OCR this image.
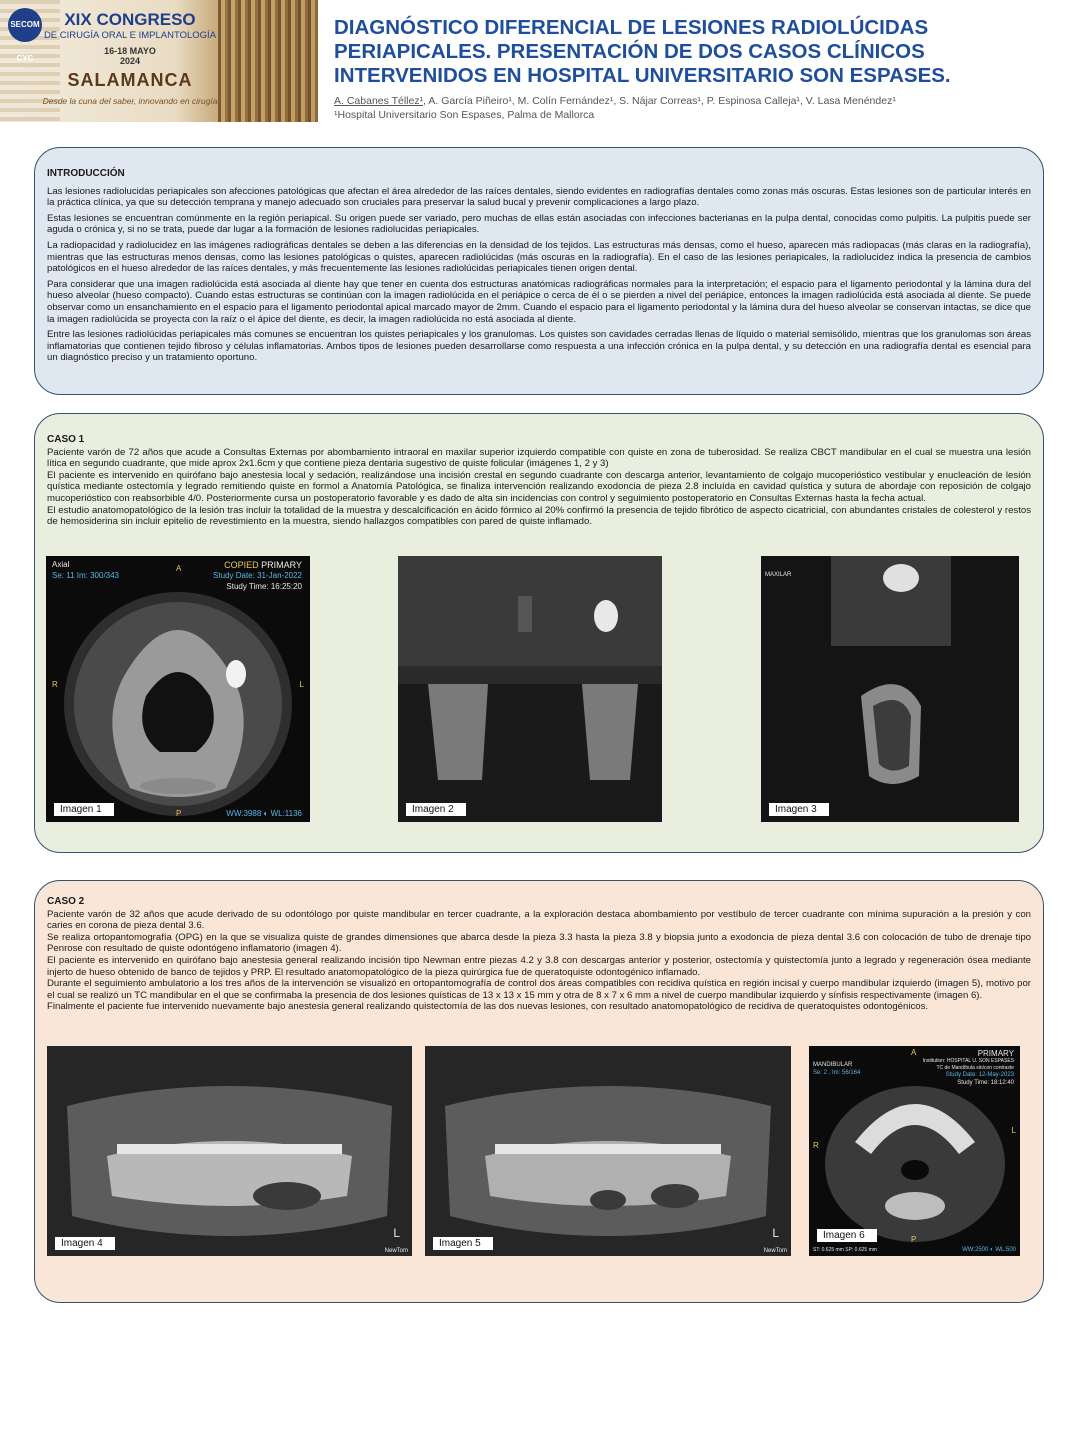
SECOM CYC
XIX CONGRESO
DE CIRUGÍA ORAL E IMPLANTOLOGÍA
16-18 MAYO
2024
SALAMANCA
Desde la cuna del saber, innovando en cirugía
DIAGNÓSTICO DIFERENCIAL DE LESIONES RADIOLÚCIDAS PERIAPICALES. PRESENTACIÓN DE DOS CASOS CLÍNICOS INTERVENIDOS EN HOSPITAL UNIVERSITARIO SON ESPASES.
A. Cabanes Téllez¹, A. García Piñeiro¹, M. Colín Fernández¹, S. Nájar Correas¹, P. Espinosa Calleja¹, V. Lasa Menéndez¹
¹Hospital Universitario Son Espases, Palma de Mallorca
INTRODUCCIÓN

Las lesiones radiolucidas periapicales son afecciones patológicas que afectan el área alrededor de las raíces dentales, siendo evidentes en radiografías dentales como zonas más oscuras. Estas lesiones son de particular interés en la práctica clínica, ya que su detección temprana y manejo adecuado son cruciales para preservar la salud bucal y prevenir complicaciones a largo plazo.

Estas lesiones se encuentran comúnmente en la región periapical. Su origen puede ser variado, pero muchas de ellas están asociadas con infecciones bacterianas en la pulpa dental, conocidas como pulpitis. La pulpitis puede ser aguda o crónica y, si no se trata, puede dar lugar a la formación de lesiones radiolucidas periapicales.

La radiopacidad y radiolucidez en las imágenes radiográficas dentales se deben a las diferencias en la densidad de los tejidos. Las estructuras más densas, como el hueso, aparecen más radiopacas (más claras en la radiografía), mientras que las estructuras menos densas, como las lesiones patológicas o quistes, aparecen radiolúcidas (más oscuras en la radiografía). En el caso de las lesiones periapicales, la radiolucidez indica la presencia de cambios patológicos en el hueso alrededor de las raíces dentales, y más frecuentemente las lesiones radiolúcidas periapicales tienen origen dental.

Para considerar que una imagen radiolúcida está asociada al diente hay que tener en cuenta dos estructuras anatómicas radiográficas normales para la interpretación; el espacio para el ligamento periodontal y la lámina dura del hueso alveolar (hueso compacto). Cuando estas estructuras se continúan con la imagen radiolúcida en el periápice o cerca de él o se pierden a nivel del periápice, entonces la imagen radiolúcida está asociada al diente. Se puede observar como un ensanchamiento en el espacio para el ligamento periodontal apical marcado mayor de 2mm. Cuando el espacio para el ligamento periodontal y la lámina dura del hueso alveolar se conservan intactas, se dice que la imagen radiolúcida se proyecta con la raíz o el ápice del diente, es decir, la imagen radiolúcida no está asociada al diente.

Entre las lesiones radiolúcidas periapicales más comunes se encuentran los quistes periapicales y los granulomas. Los quistes son cavidades cerradas llenas de líquido o material semisólido, mientras que los granulomas son áreas inflamatorias que contienen tejido fibroso y células inflamatorias. Ambos tipos de lesiones pueden desarrollarse como respuesta a una infección crónica en la pulpa dental, y su detección en una radiografía dental es esencial para un diagnóstico preciso y un tratamiento oportuno.

CASO 1

Paciente varón de 72 años que acude a Consultas Externas por abombamiento intraoral en maxilar superior izquierdo compatible con quiste en zona de tuberosidad. Se realiza CBCT mandibular en el cual se muestra una lesión lítica en segundo cuadrante, que mide aprox 2x1.6cm y que contiene pieza dentaria sugestivo de quiste folicular (imágenes 1, 2 y 3)

El paciente es intervenido en quirófano bajo anestesia local y sedación, realizándose una incisión crestal en segundo cuadrante con descarga anterior, levantamiento de colgajo mucoperióstico vestibular y enucleación de lesión quística mediante ostectomía y legrado remitiendo quiste en formol a Anatomía Patológica, se finaliza intervención realizando exodoncia de pieza 2.8 incluída en cavidad quística y sutura de abordaje con reposición de colgajo mucoperióstico con reabsorbible 4/0. Posteriormente cursa un postoperatorio favorable y es dado de alta sin incidencias con control y seguimiento postoperatorio en Consultas Externas hasta la fecha actual.

El estudio anatomopatológico de la lesión tras incluir la totalidad de la muestra y descalcificación en ácido fórmico al 20% confirmó la presencia de tejido fibrótico de aspecto cicatricial, con abundantes cristales de colesterol y restos de hemosiderina sin incluir epitelio de revestimiento en la muestra, siendo hallazgos compatibles con pared de quiste inflamado.

Axial
Se: 11 Im: 300/343
A	COPIED PRIMARY
Study Date: 31-Jan-2022
Study Time: 16:25:20
R	L
P	WW:3988 ◐ WL:1136
Imagen 1	Imagen 2
MAXILAR
Imagen 3
CASO 2

Paciente varón de 32 años que acude derivado de su odontólogo por quiste mandibular en tercer cuadrante, a la exploración destaca abombamiento por vestíbulo de tercer cuadrante con mínima supuración a la presión y con caries en corona de pieza dental 3.6.

Se realiza ortopantomografía (OPG) en la que se visualiza quiste de grandes dimensiones que abarca desde la pieza 3.3 hasta la pieza 3.8 y biopsia junto a exodoncia de pieza dental 3.6 con colocación de tubo de drenaje tipo Penrose con resultado de quiste odontógeno inflamatorio (imagen 4).

El paciente es intervenido en quirófano bajo anestesia general realizando incisión tipo Newman entre piezas 4.2 y 3.8 con descargas anterior y posterior, ostectomía y quistectomía junto a legrado y regeneración ósea mediante injerto de hueso obtenido de banco de tejidos y PRP. El resultado anatomopatológico de la pieza quirúrgica fue de queratoquiste odontogénico inflamado.

Durante el seguimiento ambulatorio a los tres años de la intervención se visualizó en ortopantomografía de control dos áreas compatibles con recidiva quística en región incisal y cuerpo mandibular izquierdo (imagen 5), motivo por el cual se realizó un TC mandibular en el que se confirmaba la presencia de dos lesiones quísticas de 13 x 13 x 15 mm y otra de 8 x 7 x 6 mm a nivel de cuerpo mandibular izquierdo y sínfisis respectivamente (imagen 6).

Finalmente el paciente fue intervenido nuevamente bajo anestesia general realizando quistectomía de las dos nuevas lesiones, con resultado anatomopatológico de recidiva de queratoquistes odontogénicos.

L
NewTom
Imagen 4
L
NewTom
Imagen 5
PRIMARY
Institution: HOSPITAL U. SON ESPASES
TC de Mandíbula sin/con contraste
Study Date: 12-May-2023
Study Time: 18:12:40
MANDIBULAR
Se: 2 , Im: 56/164
A
R
L
P
ST: 0.625 mm SP: 0.625 mm	WW:2500 ◐ WL:500
Imagen 6
